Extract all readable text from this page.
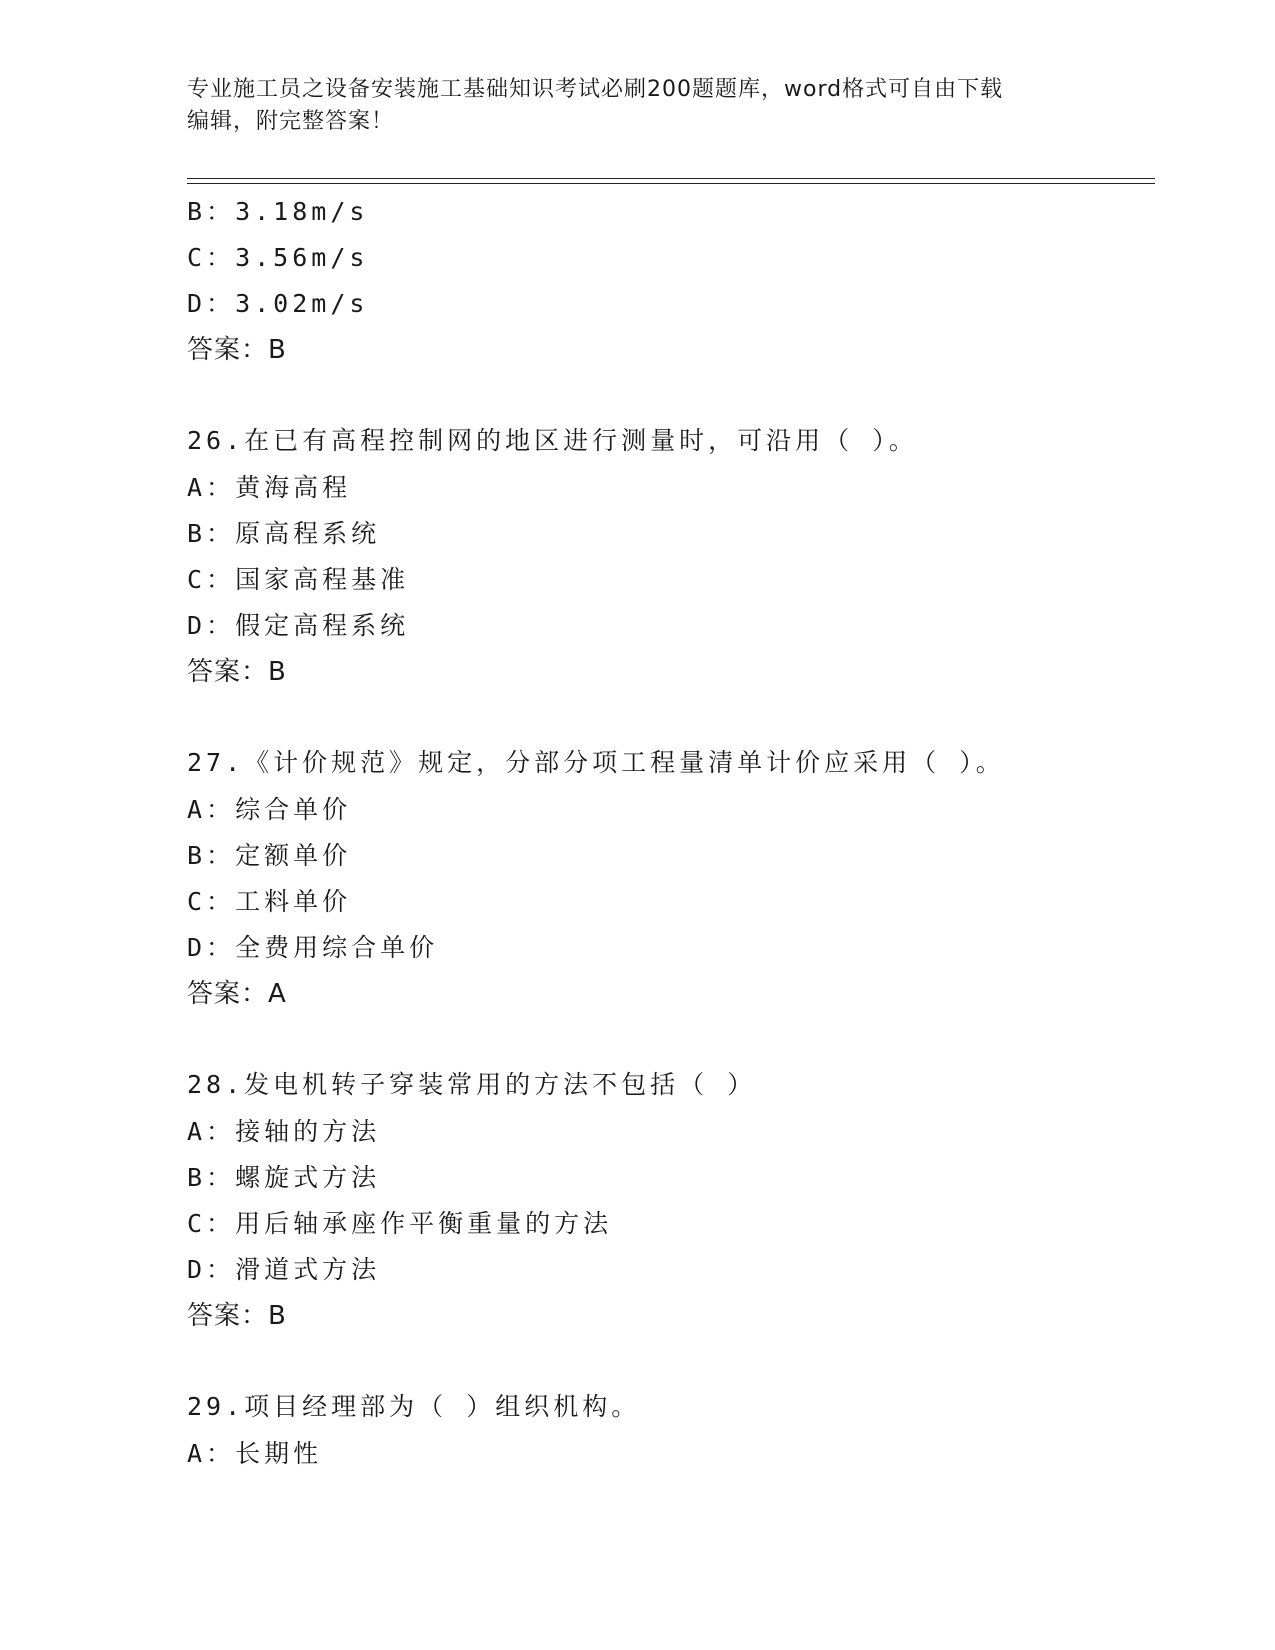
专业施工员之设备安装施工基础知识考试必刷200题题库，word格式可自由下载
编辑，附完整答案！
B：3.18m/s
C：3.56m/s
D：3.02m/s
答案：B
26.在已有高程控制网的地区进行测量时，可沿用（ ）。
A：黄海高程
B：原高程系统
C：国家高程基准
D：假定高程系统
答案：B
27.《计价规范》规定，分部分项工程量清单计价应采用（ ）。
A：综合单价
B：定额单价
C：工料单价
D：全费用综合单价
答案：A
28.发电机转子穿装常用的方法不包括（ ）
A：接轴的方法
B：螺旋式方法
C：用后轴承座作平衡重量的方法
D：滑道式方法
答案：B
29.项目经理部为（ ）组织机构。
A：长期性
